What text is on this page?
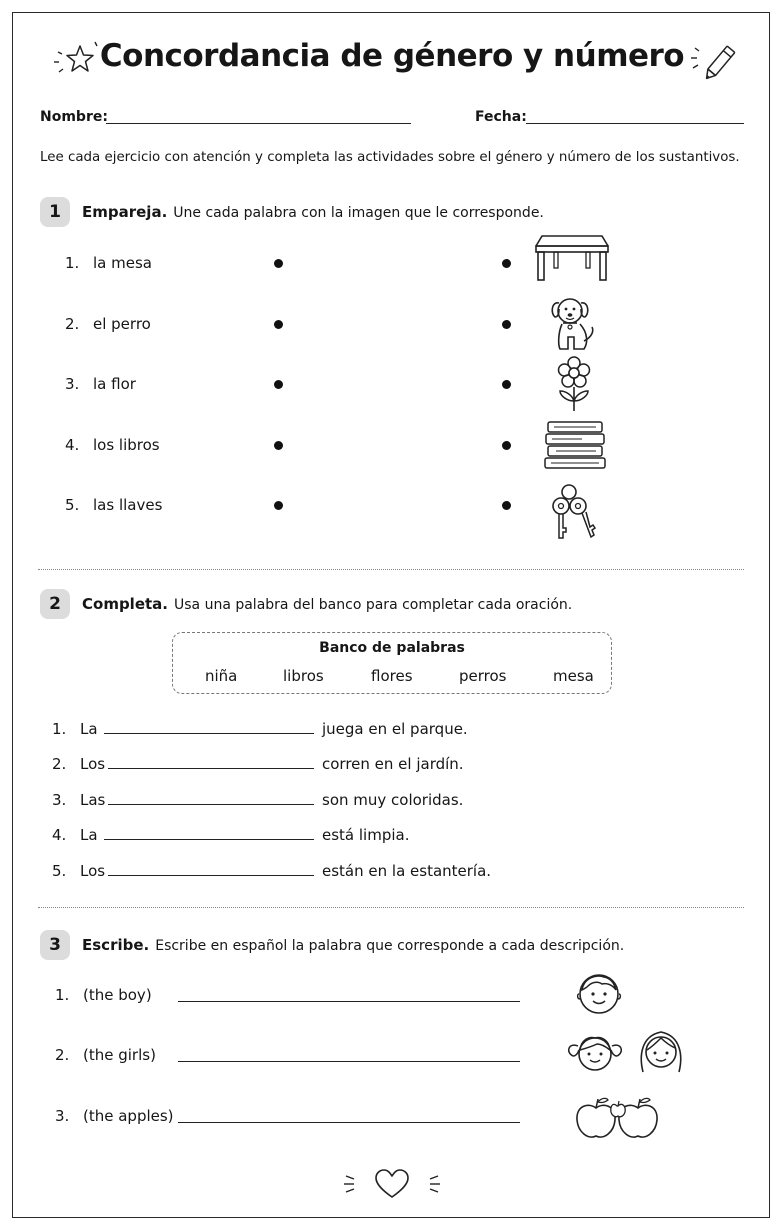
Concordancia de género y número
Nombre:	Fecha:
Lee cada ejercicio con atención y completa las actividades sobre el género y número de los sustantivos.
1	Empareja. Une cada palabra con la imagen que le corresponde.
1. la mesa
2. el perro
3. la flor
4. los libros
5. las llaves
2	Completa. Usa una palabra del banco para completar cada oración.
Banco de palabras
niña	libros	flores	perros	mesa
1. La	juega en el parque.
2. Los	corren en el jardín.
3. Las	son muy coloridas.
4. La	está limpia.
5. Los	están en la estantería.
3	Escribe. Escribe en español la palabra que corresponde a cada descripción.
1. (the boy)
2. (the girls)
3. (the apples)
